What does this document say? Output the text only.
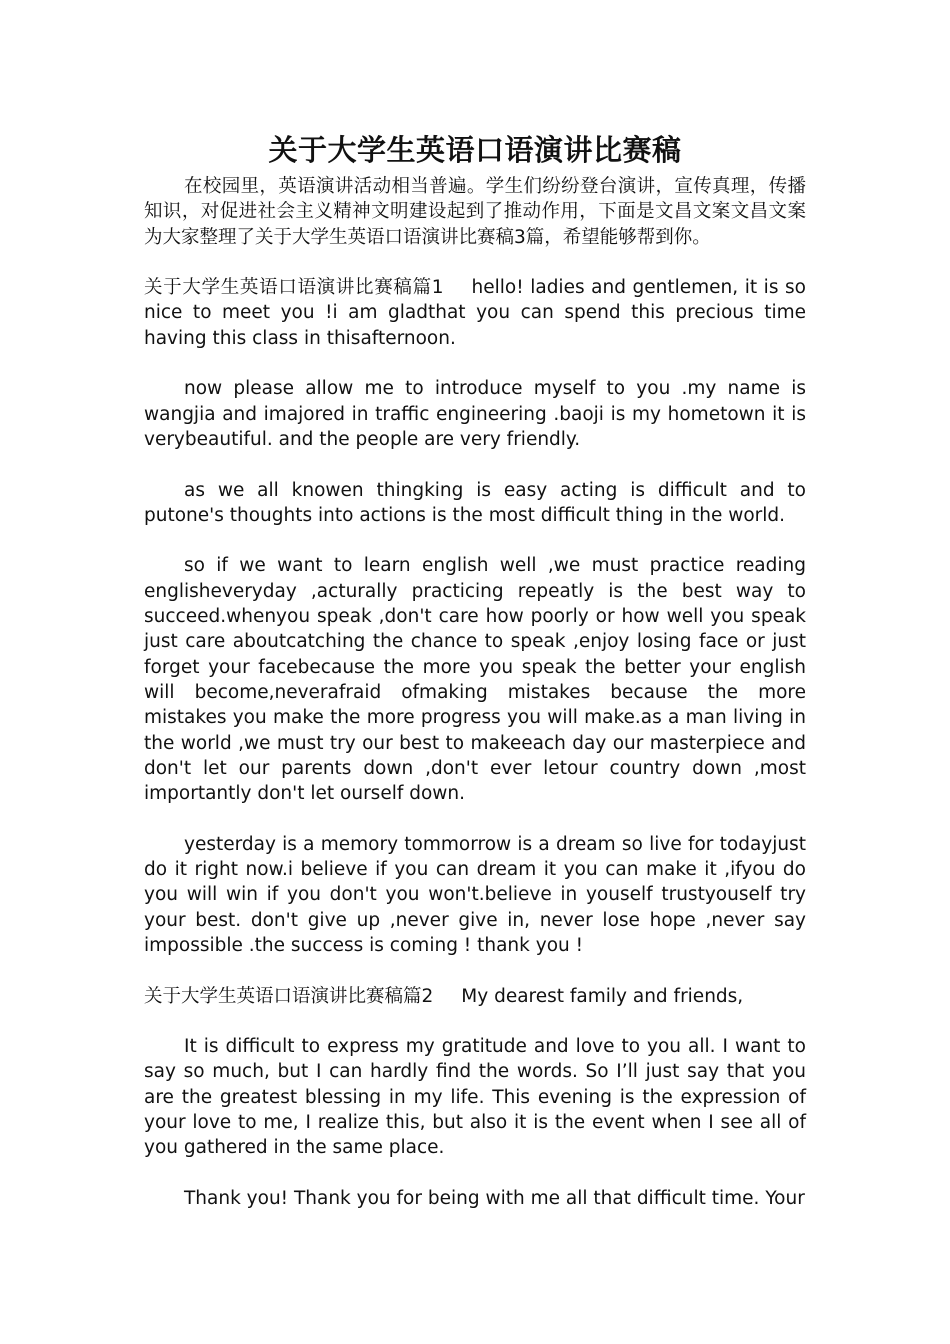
关于大学生英语口语演讲比赛稿

在校园里，英语演讲活动相当普遍。学生们纷纷登台演讲，宣传真理，传播知识，对促进社会主义精神文明建设起到了推动作用，下面是文昌文案文昌文案为大家整理了关于大学生英语口语演讲比赛稿3篇，希望能够帮到你。

关于大学生英语口语演讲比赛稿篇1 hello! ladies and gentlemen, it is so nice to meet you !i am gladthat you can spend this precious time having this class in thisafternoon.

now please allow me to introduce myself to you .my name is wangjia and imajored in traffic engineering .baoji is my hometown it is verybeautiful. and the people are very friendly.

as we all knowen thingking is easy acting is difficult and to putone's thoughts into actions is the most difficult thing in the world.

so if we want to learn english well ,we must practice reading englisheveryday ,acturally practicing repeatly is the best way to succeed.whenyou speak ,don't care how poorly or how well you speak just care aboutcatching the chance to speak ,enjoy losing face or just forget your facebecause the more you speak the better your english will become,neverafraid ofmaking mistakes because the more mistakes you make the more progress you will make.as a man living in the world ,we must try our best to makeeach day our masterpiece and don't let our parents down ,don't ever letour country down ,most importantly don't let ourself down.

yesterday is a memory tommorrow is a dream so live for todayjust do it right now.i believe if you can dream it you can make it ,ifyou do you will win if you don't you won't.believe in youself trustyouself try your best. don't give up ,never give in, never lose hope ,never say impossible .the success is coming ! thank you !

关于大学生英语口语演讲比赛稿篇2 My dearest family and friends,

It is difficult to express my gratitude and love to you all. I want to say so much, but I can hardly find the words. So I’ll just say that you are the greatest blessing in my life. This evening is the expression of your love to me, I realize this, but also it is the event when I see all of you gathered in the same place.

Thank you! Thank you for being with me all that difficult time. Your
